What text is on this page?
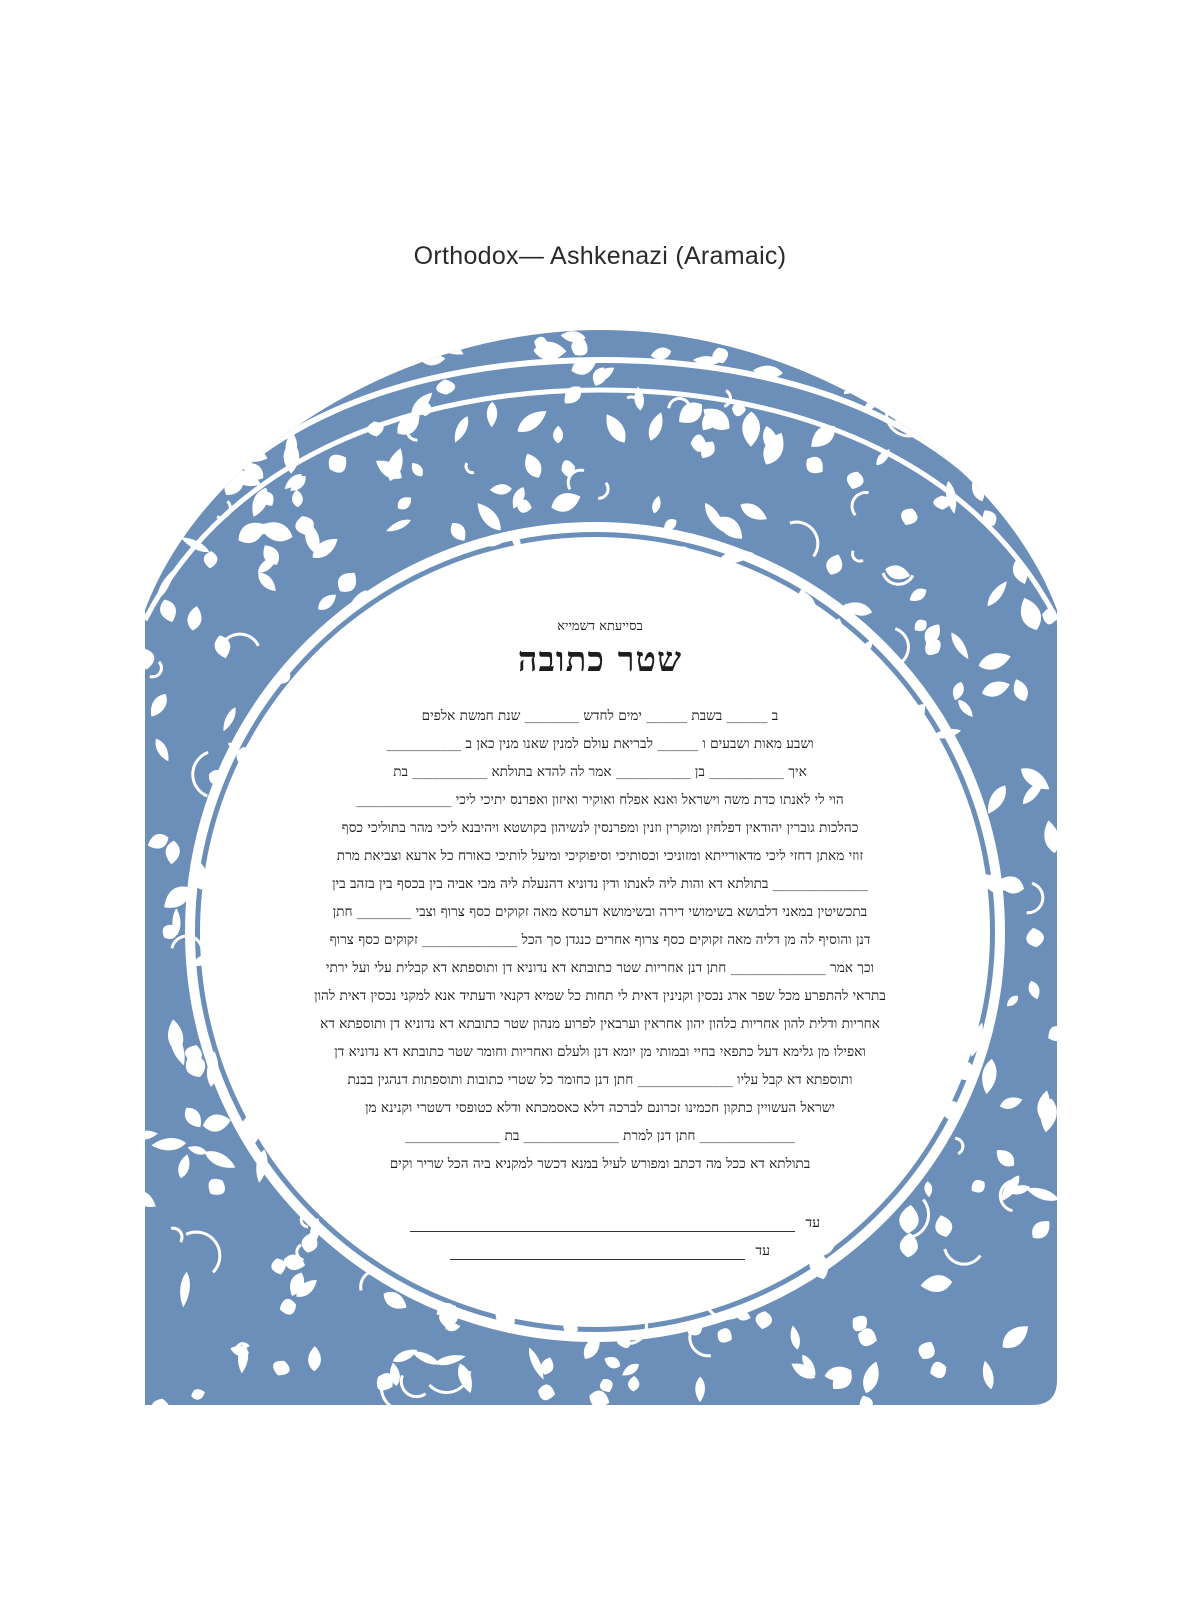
Orthodox— Ashkenazi (Aramaic)
בסייעתא דשמייא
שטר כתובה
ב ______ בשבת ______ ימים לחדש ________ שנת חמשת אלפים
ושבע מאות ושבעים ו ______ לבריאת עולם למנין שאנו מנין כאן ב ___________
איך ___________ בן ___________ אמר לה להדא בתולתא ___________ בת
הוי לי לאנתו כדת משה וישראל ואנא אפלח ואוקיר ואיזון ואפרנס יתיכי ליכי ______________
כהלכות גוברין יהודאין דפלחין ומוקרין וזנין ומפרנסין לנשיהון בקושטא ויהיבנא ליכי מהר בתוליכי כסף
זוזי מאתן דחזי ליכי מדאורייתא ומזוניכי וכסותיכי וסיפוקיכי ומיעל לותיכי כאורח כל ארעא וצביאת מרת
______________ בתולתא דא והות ליה לאנתו ודין נדוניא דהנעלת ליה מבי אביה בין בכסף בין בזהב בין
בתכשיטין במאני דלבושא בשימושי דירה ובשימושא דערסא מאה זקוקים כסף צרוף וצבי ________ חתן
דנן והוסיף לה מן דליה מאה זקוקים כסף צרוף אחרים כנגדן סך הכל ______________ זקוקים כסף צרוף
וכך אמר ______________ חתן דנן אחריות שטר כתובתא דא נדוניא דן ותוספתא דא קבלית עלי ועל ירתי
בתראי להתפרע מכל שפר ארג נכסין וקנינין דאית לי תחות כל שמיא דקנאי ודעתיד אנא למקני נכסין דאית להון
אחריות ודלית להון אחריות כלהון יהון אחראין וערבאין לפרוע מנהון שטר כתובתא דא נדוניא דן ותוספתא דא
ואפילו מן גלימא דעל כתפאי בחיי ובמותי מן יומא דנן ולעלם ואחריות וחומר שטר כתובתא דא נדוניא דן
ותוספתא דא קבל עליו ______________ חתן דנן כחומר כל שטרי כתובות ותוספתות דנהגין בבנת
ישראל העשויין כתקון חכמינו זכרונם לברכה דלא כאסמכתא ודלא כטופסי דשטרי וקנינא מן
______________ חתן דנן למרת ______________ בת ______________
בתולתא דא ככל מה דכתב ומפורש לעיל במנא דכשר למקניא ביה הכל שריר וקים
עד
עד
